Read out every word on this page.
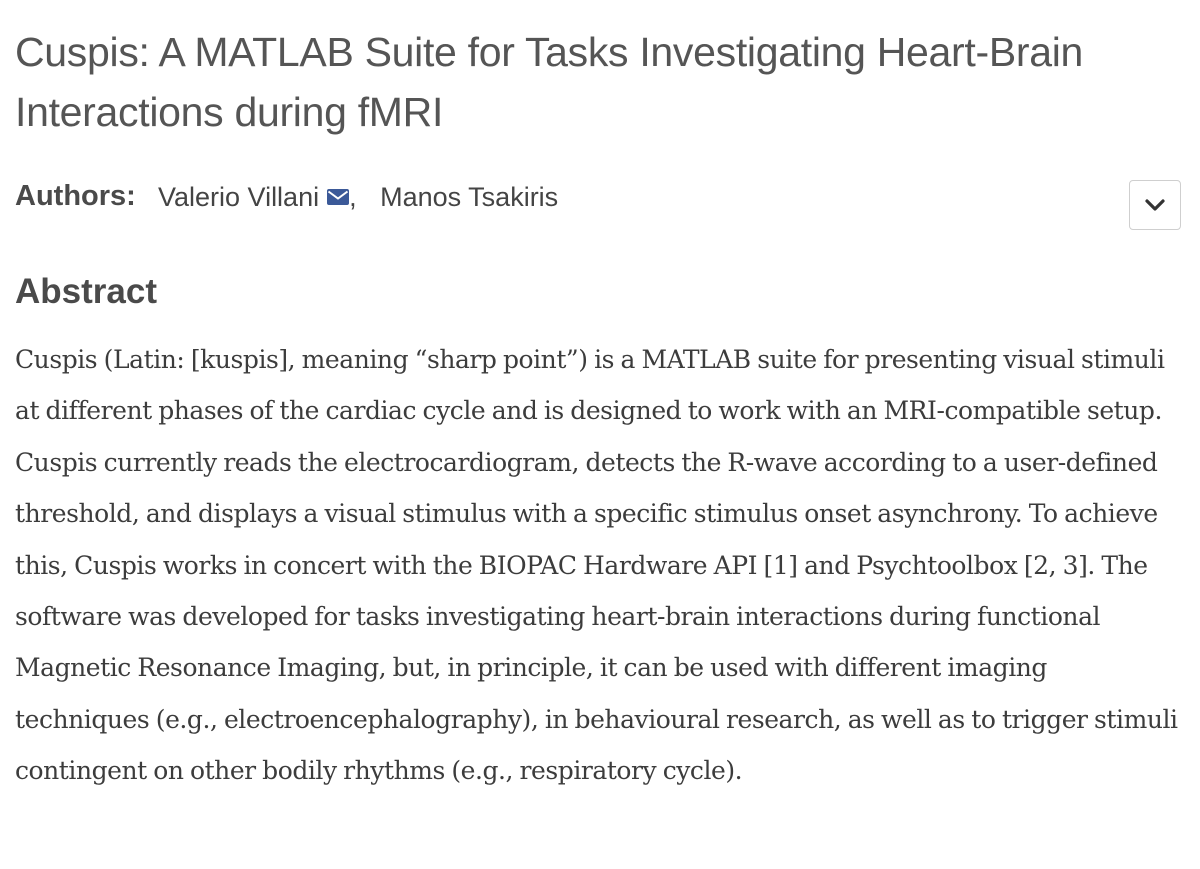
Cuspis: A MATLAB Suite for Tasks Investigating Heart-Brain Interactions during fMRI
Authors: Valerio Villani , Manos Tsakiris
Abstract

Cuspis (Latin: [kuspis], meaning “sharp point”) is a MATLAB suite for presenting visual stimuli at different phases of the cardiac cycle and is designed to work with an MRI-compatible setup. Cuspis currently reads the electrocardiogram, detects the R-wave according to a user-defined threshold, and displays a visual stimulus with a specific stimulus onset asynchrony. To achieve this, Cuspis works in concert with the BIOPAC Hardware API [1] and Psychtoolbox [2, 3]. The software was developed for tasks investigating heart-brain interactions during functional Magnetic Resonance Imaging, but, in principle, it can be used with different imaging techniques (e.g., electroencephalography), in behavioural research, as well as to trigger stimuli contingent on other bodily rhythms (e.g., respiratory cycle).
